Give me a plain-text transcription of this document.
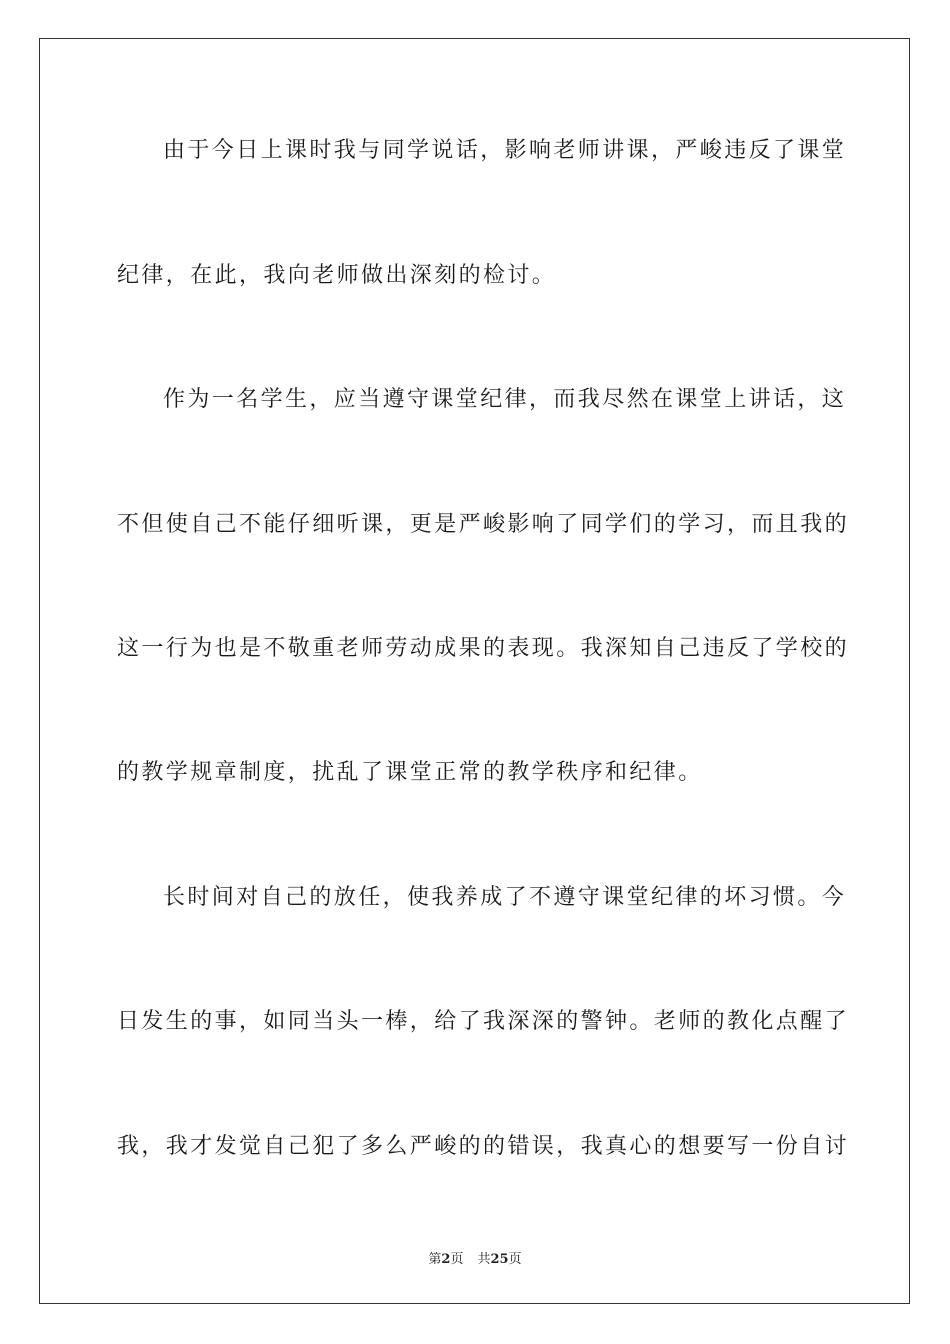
由于今日上课时我与同学说话，影响老师讲课，严峻违反了课堂
纪律，在此，我向老师做出深刻的检讨。
作为一名学生，应当遵守课堂纪律，而我尽然在课堂上讲话，这
不但使自己不能仔细听课，更是严峻影响了同学们的学习，而且我的
这一行为也是不敬重老师劳动成果的表现。我深知自己违反了学校的
的教学规章制度，扰乱了课堂正常的教学秩序和纪律。
长时间对自己的放任，使我养成了不遵守课堂纪律的坏习惯。今
日发生的事，如同当头一棒，给了我深深的警钟。老师的教化点醒了
我，我才发觉自己犯了多么严峻的的错误，我真心的想要写一份自讨
第2页 共25页
